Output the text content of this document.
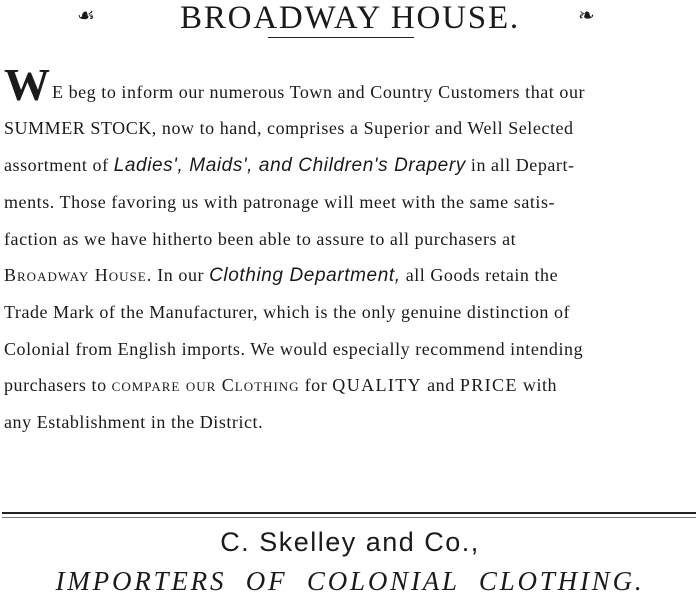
☙	BROADWAY HOUSE.	❧

W E beg to inform our numerous Town and Country Customers that our
SUMMER STOCK, now to hand, comprises a Superior and Well Selected
assortment of Ladies', Maids', and Children's Drapery in all Depart-
ments. Those favoring us with patronage will meet with the same satis-
faction as we have hitherto been able to assure to all purchasers at
Broadway House. In our Clothing Department, all Goods retain the
Trade Mark of the Manufacturer, which is the only genuine distinction of
Colonial from English imports. We would especially recommend intending
purchasers to compare our Clothing for QUALITY and PRICE with
any Establishment in the District.

C. Skelley and Co.,
IMPORTERS OF COLONIAL CLOTHING.
